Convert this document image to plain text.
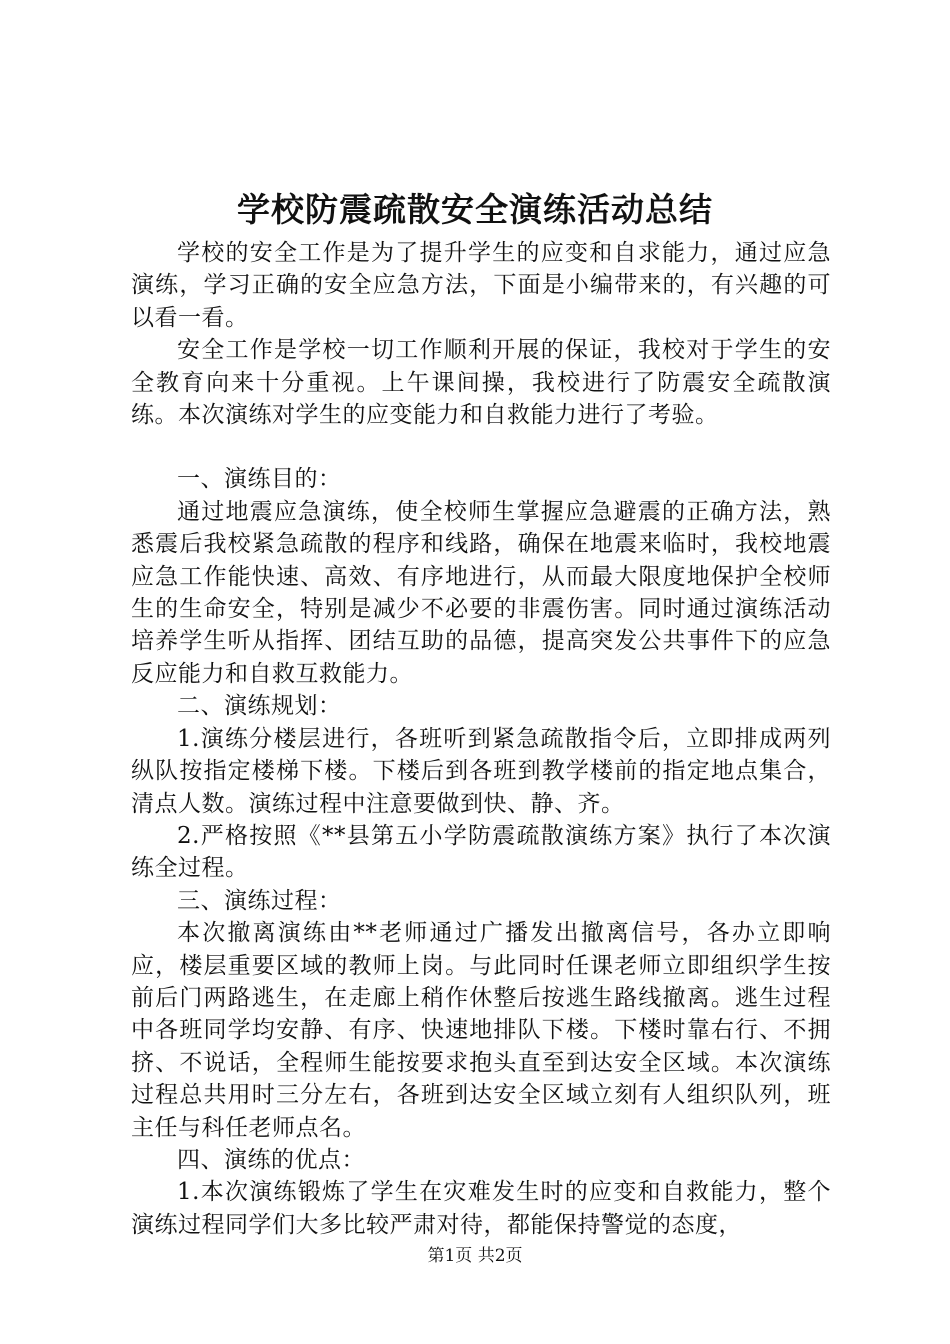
学校防震疏散安全演练活动总结

学校的安全工作是为了提升学生的应变和自求能力，通过应急演练，学习正确的安全应急方法，下面是小编带来的，有兴趣的可以看一看。

安全工作是学校一切工作顺利开展的保证，我校对于学生的安全教育向来十分重视。上午课间操，我校进行了防震安全疏散演练。本次演练对学生的应变能力和自救能力进行了考验。

一、演练目的：

通过地震应急演练，使全校师生掌握应急避震的正确方法，熟悉震后我校紧急疏散的程序和线路，确保在地震来临时，我校地震应急工作能快速、高效、有序地进行，从而最大限度地保护全校师生的生命安全，特别是减少不必要的非震伤害。同时通过演练活动培养学生听从指挥、团结互助的品德，提高突发公共事件下的应急反应能力和自救互救能力。

二、演练规划：

1.演练分楼层进行，各班听到紧急疏散指令后，立即排成两列纵队按指定楼梯下楼。下楼后到各班到教学楼前的指定地点集合，清点人数。演练过程中注意要做到快、静、齐。

2.严格按照《**县第五小学防震疏散演练方案》执行了本次演练全过程。

三、演练过程：

本次撤离演练由**老师通过广播发出撤离信号，各办立即响应，楼层重要区域的教师上岗。与此同时任课老师立即组织学生按前后门两路逃生，在走廊上稍作休整后按逃生路线撤离。逃生过程中各班同学均安静、有序、快速地排队下楼。下楼时靠右行、不拥挤、不说话，全程师生能按要求抱头直至到达安全区域。本次演练过程总共用时三分左右，各班到达安全区域立刻有人组织队列，班主任与科任老师点名。

四、演练的优点：

1.本次演练锻炼了学生在灾难发生时的应变和自救能力，整个演练过程同学们大多比较严肃对待，都能保持警觉的态度，

第1页 共2页
